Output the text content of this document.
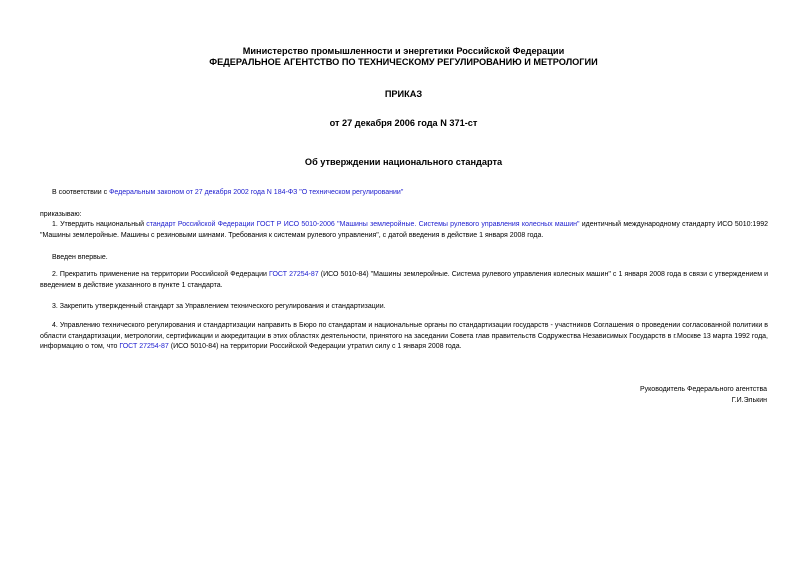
Министерство промышленности и энергетики Российской Федерации
ФЕДЕРАЛЬНОЕ АГЕНТСТВО ПО ТЕХНИЧЕСКОМУ РЕГУЛИРОВАНИЮ И МЕТРОЛОГИИ
ПРИКАЗ
от 27 декабря 2006 года N 371-ст
Об утверждении национального стандарта
В соответствии с Федеральным законом от 27 декабря 2002 года N 184-ФЗ "О техническом регулировании"
приказываю:
1. Утвердить национальный стандарт Российской Федерации ГОСТ Р ИСО 5010-2006 "Машины землеройные. Системы рулевого управления колесных машин" идентичный международному стандарту ИСО 5010:1992 "Машины землеройные. Машины с резиновыми шинами. Требования к системам рулевого управления", с датой введения в действие 1 января 2008 года.
Введен впервые.
2. Прекратить применение на территории Российской Федерации ГОСТ 27254-87 (ИСО 5010-84) "Машины землеройные. Система рулевого управления колесных машин" с 1 января 2008 года в связи с утверждением и введением в действие указанного в пункте 1 стандарта.
3. Закрепить утвержденный стандарт за Управлением технического регулирования и стандартизации.
4. Управлению технического регулирования и стандартизации направить в Бюро по стандартам и национальные органы по стандартизации государств - участников Соглашения о проведении согласованной политики в области стандартизации, метрологии, сертификации и аккредитации в этих областях деятельности, принятого на заседании Совета глав правительств Содружества Независимых Государств в г.Москве 13 марта 1992 года, информацию о том, что ГОСТ 27254-87 (ИСО 5010-84) на территории Российской Федерации утратил силу с 1 января 2008 года.
Руководитель Федерального агентства
Г.И.Элькин
